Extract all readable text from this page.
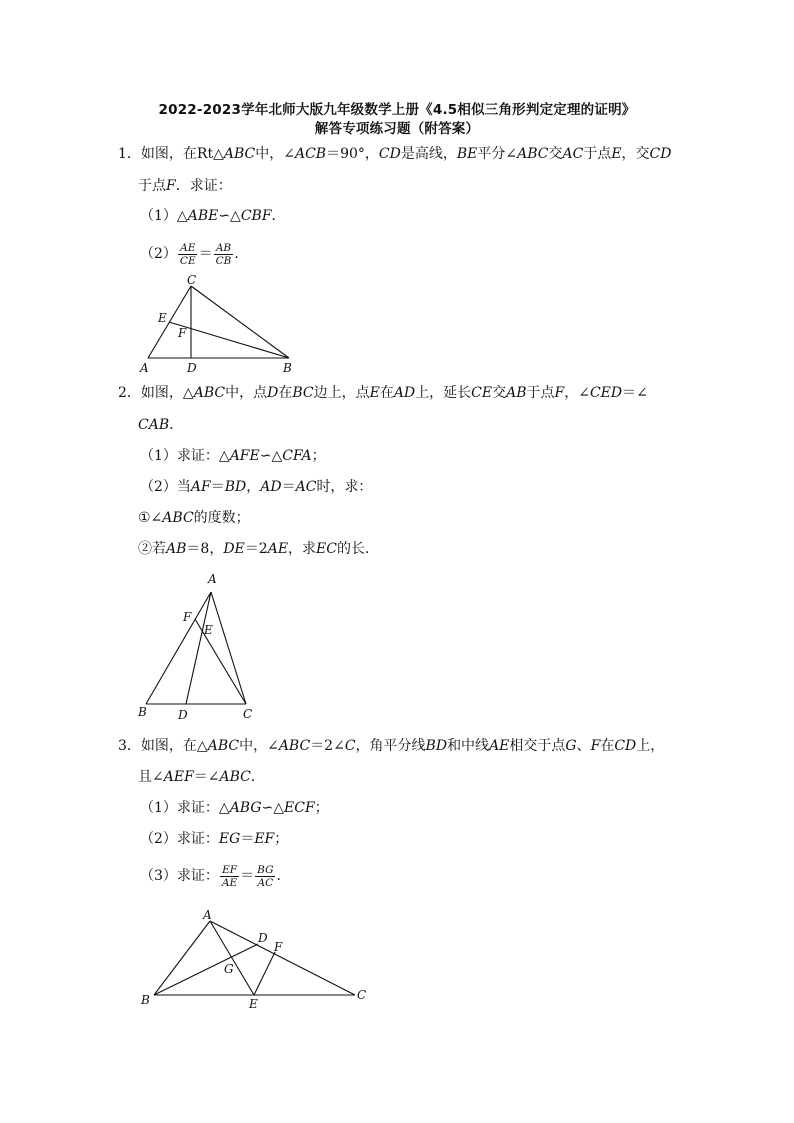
2022-2023学年北师大版九年级数学上册《4.5相似三角形判定定理的证明》
解答专项练习题（附答案）
1．如图，在Rt△ABC中，∠ACB＝90°，CD是高线，BE平分∠ABC交AC于点E，交CD
于点F．求证：
（1）△ABE∽△CBF．
$(2) \frac{AE}{CE} = \frac{AB}{CB}$ ．
C
E
F
A	D	B
2．如图，△ABC中，点D在BC边上，点E在AD上，延长CE交AB于点F，∠CED＝∠
CAB．
（1）求证：△AFE∽△CFA；
（2）当AF＝BD，AD＝AC时，求：
①∠ABC的度数；
②若AB＝8，DE＝2AE，求EC的长．
A
F
E
B	D	C
3．如图，在△ABC中，∠ABC＝2∠C，角平分线BD和中线AE相交于点G、F在CD上，
且∠AEF＝∠ABC．
（1）求证：△ABG∽△ECF；
（2）求证：EG＝EF；
（3）求证： $\frac{EF}{AE} = \frac{BG}{AC}$ ．
A
D
F
G
B	E
C
